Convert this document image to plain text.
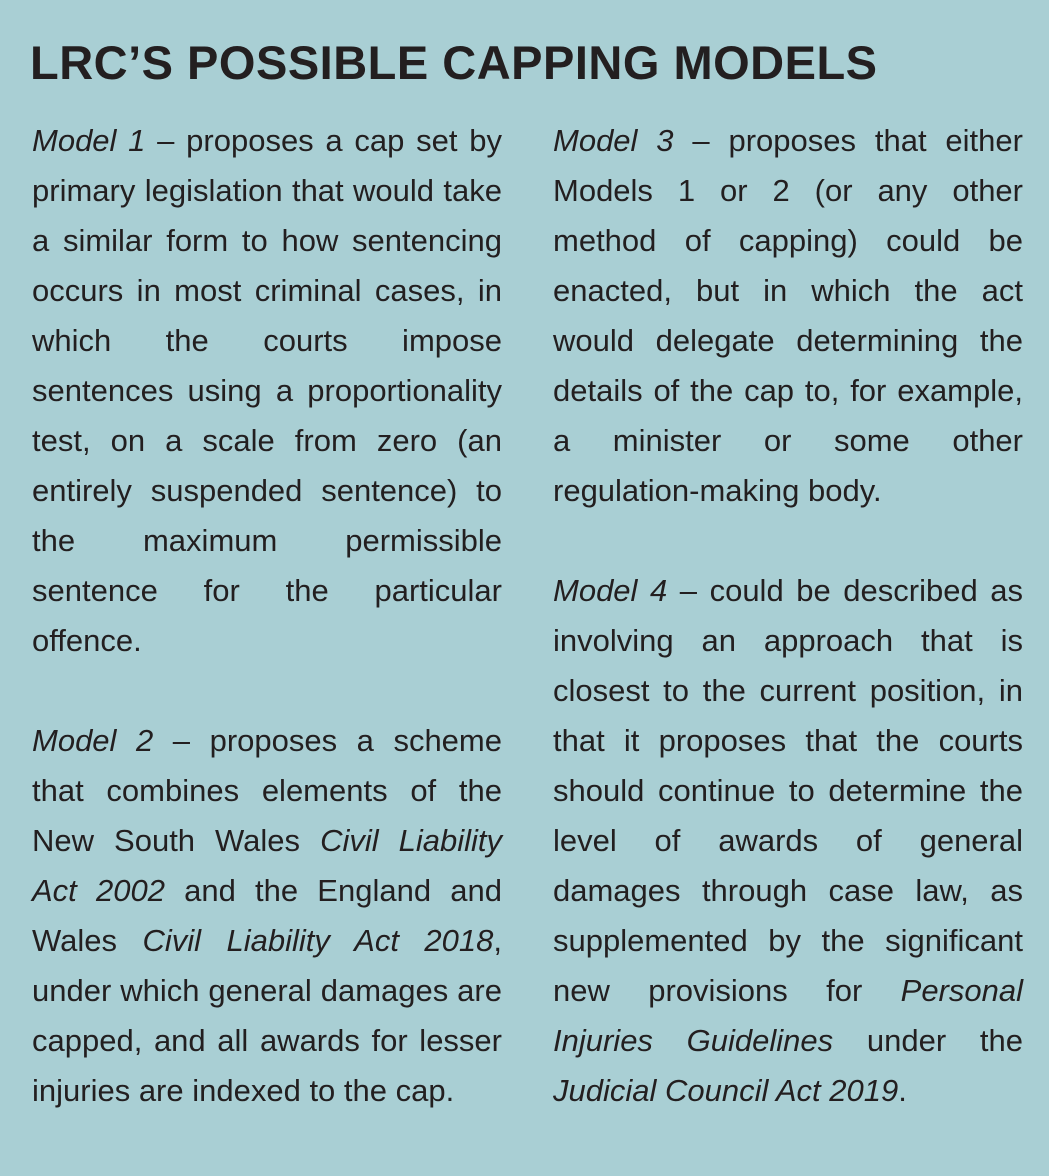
LRC’S POSSIBLE CAPPING MODELS

Model 1 – proposes a cap set by primary legislation that would take a similar form to how sentencing occurs in most criminal cases, in which the courts impose sentences using a proportionality test, on a scale from zero (an entirely suspended sentence) to the maximum permissible sentence for the particular offence.

Model 2 – proposes a scheme that combines elements of the New South Wales Civil Liability Act 2002 and the England and Wales Civil Liability Act 2018, under which general damages are capped, and all awards for lesser injuries are indexed to the cap.

Model 3 – proposes that either Models 1 or 2 (or any other method of capping) could be enacted, but in which the act would delegate determining the details of the cap to, for example, a minister or some other regulation-making body.

Model 4 – could be described as involving an approach that is closest to the current position, in that it proposes that the courts should continue to determine the level of awards of general damages through case law, as supplemented by the significant new provisions for Personal Injuries Guidelines under the Judicial Council Act 2019.
